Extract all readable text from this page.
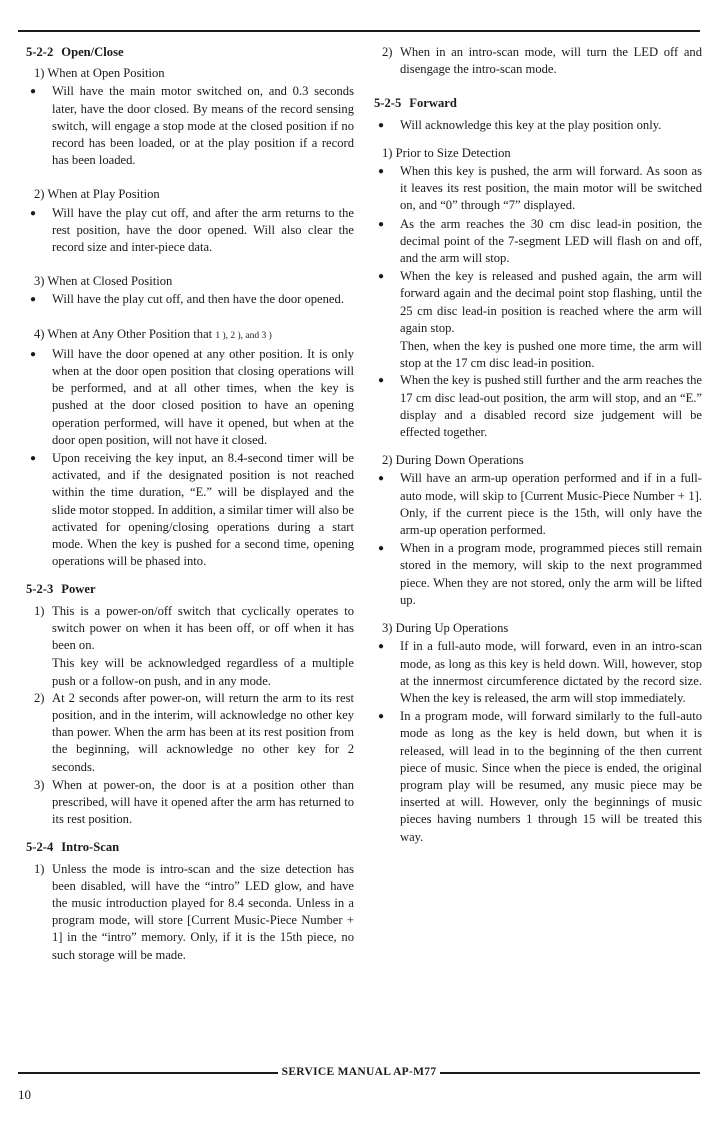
5-2-2 Open/Close
1) When at Open Position
● Will have the main motor switched on, and 0.3 seconds later, have the door closed. By means of the record sensing switch, will engage a stop mode at the closed position if no record has been loaded, or at the play position if a record has been loaded.
2) When at Play Position
● Will have the play cut off, and after the arm returns to the rest position, have the door opened. Will also clear the record size and inter-piece data.
3) When at Closed Position
● Will have the play cut off, and then have the door opened.
4) When at Any Other Position that 1 ), 2 ), and 3 )
● Will have the door opened at any other position. It is only when at the door open position that closing operations will be performed, and at all other times, when the key is pushed at the door closed position to have an opening operation performed, will have it opened, but when at the door open position, will not have it closed.
● Upon receiving the key input, an 8.4-second timer will be activated, and if the designated position is not reached within the time duration, “E.” will be displayed and the slide motor stopped. In addition, a similar timer will also be activated for opening/closing operations during a start mode. When the key is pushed for a second time, opening operations will be phased into.
5-2-3 Power
1) This is a power-on/off switch that cyclically operates to switch power on when it has been off, or off when it has been on.
This key will be acknowledged regardless of a multiple push or a follow-on push, and in any mode.
2) At 2 seconds after power-on, will return the arm to its rest position, and in the interim, will acknowledge no other key than power. When the arm has been at its rest position from the beginning, will acknowledge no other key for 2 seconds.
3) When at power-on, the door is at a position other than prescribed, will have it opened after the arm has returned to its rest position.
5-2-4 Intro-Scan
1) Unless the mode is intro-scan and the size detection has been disabled, will have the “intro” LED glow, and have the music introduction played for 8.4 seconda. Unless in a program mode, will store [Current Music-Piece Number + 1] in the “intro” memory. Only, if it is the 15th piece, no such storage will be made.
2) When in an intro-scan mode, will turn the LED off and disengage the intro-scan mode.
5-2-5 Forward
● Will acknowledge this key at the play position only.
1) Prior to Size Detection
● When this key is pushed, the arm will forward. As soon as it leaves its rest position, the main motor will be switched on, and “0” through “7” displayed.
● As the arm reaches the 30 cm disc lead-in position, the decimal point of the 7-segment LED will flash on and off, and the arm will stop.
● When the key is released and pushed again, the arm will forward again and the decimal point stop flashing, until the 25 cm disc lead-in position is reached where the arm will again stop.
Then, when the key is pushed one more time, the arm will stop at the 17 cm disc lead-in position.
● When the key is pushed still further and the arm reaches the 17 cm disc lead-out position, the arm will stop, and an “E.” display and a disabled record size judgement will be effected together.
2) During Down Operations
● Will have an arm-up operation performed and if in a full-auto mode, will skip to [Current Music-Piece Number + 1]. Only, if the current piece is the 15th, will only have the arm-up operation performed.
● When in a program mode, programmed pieces still remain stored in the memory, will skip to the next programmed piece. When they are not stored, only the arm will be lifted up.
3) During Up Operations
● If in a full-auto mode, will forward, even in an intro-scan mode, as long as this key is held down. Will, however, stop at the innermost circumference dictated by the record size. When the key is released, the arm will stop immediately.
● In a program mode, will forward similarly to the full-auto mode as long as the key is held down, but when it is released, will lead in to the beginning of the then current piece of music. Since when the piece is ended, the original program play will be resumed, any music piece may be inserted at will. However, only the beginnings of music pieces having numbers 1 through 15 will be treated this way.
SERVICE MANUAL AP-M77
10
